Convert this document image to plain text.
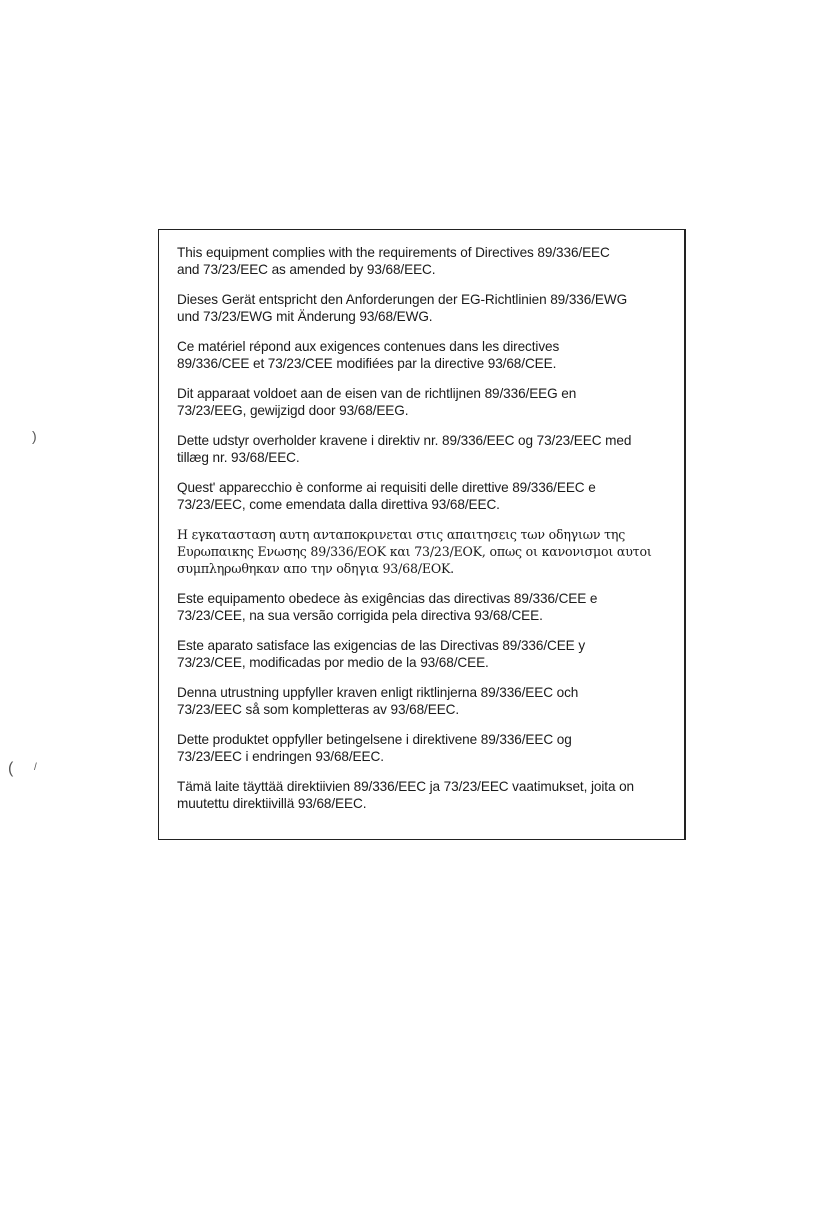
)
( /

This equipment complies with the requirements of Directives 89/336/EEC
and 73/23/EEC as amended by 93/68/EEC.

Dieses Gerät entspricht den Anforderungen der EG-Richtlinien 89/336/EWG
und 73/23/EWG mit Änderung 93/68/EWG.

Ce matériel répond aux exigences contenues dans les directives
89/336/CEE et 73/23/CEE modifiées par la directive 93/68/CEE.

Dit apparaat voldoet aan de eisen van de richtlijnen 89/336/EEG en
73/23/EEG, gewijzigd door 93/68/EEG.

Dette udstyr overholder kravene i direktiv nr. 89/336/EEC og 73/23/EEC med
tillæg nr. 93/68/EEC.

Quest' apparecchio è conforme ai requisiti delle direttive 89/336/EEC e
73/23/EEC, come emendata dalla direttiva 93/68/EEC.

Η εγκατασταση αυτη ανταποκρινεται στις απαιτησεις των οδηγιων της
Ευρωπαικης Ενωσης 89/336/ΕΟΚ και 73/23/ΕΟΚ, οπως οι κανονισμοι αυτοι
συμπληρωθηκαν απο την οδηγια 93/68/ΕΟΚ.

Este equipamento obedece às exigências das directivas 89/336/CEE e
73/23/CEE, na sua versão corrigida pela directiva 93/68/CEE.

Este aparato satisface las exigencias de las Directivas 89/336/CEE y
73/23/CEE, modificadas por medio de la 93/68/CEE.

Denna utrustning uppfyller kraven enligt riktlinjerna 89/336/EEC och
73/23/EEC så som kompletteras av 93/68/EEC.

Dette produktet oppfyller betingelsene i direktivene 89/336/EEC og
73/23/EEC i endringen 93/68/EEC.

Tämä laite täyttää direktiivien 89/336/EEC ja 73/23/EEC vaatimukset, joita on
muutettu direktiivillä 93/68/EEC.
